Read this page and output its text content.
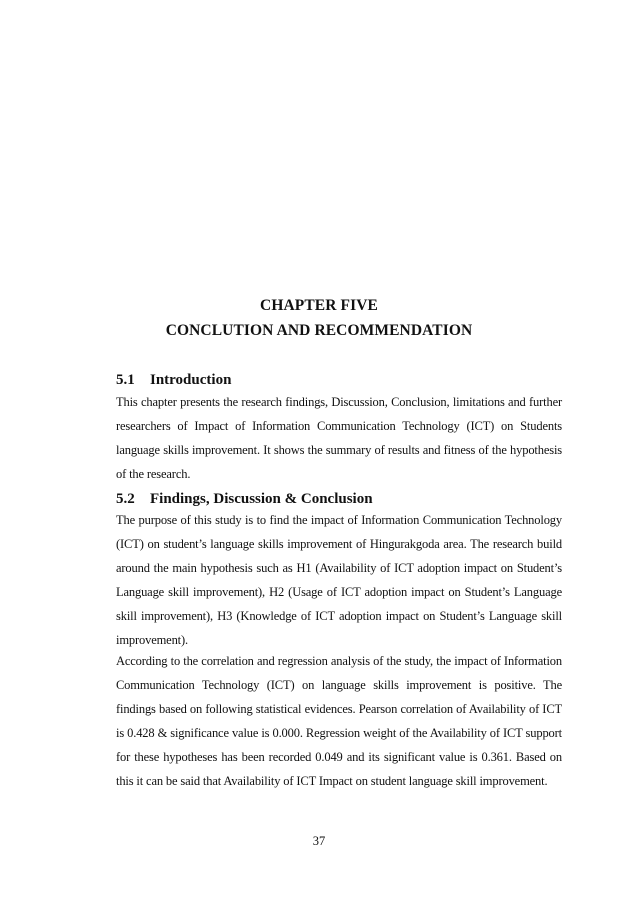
CHAPTER FIVE
CONCLUTION AND RECOMMENDATION
5.1 Introduction

This chapter presents the research findings, Discussion, Conclusion, limitations and further researchers of Impact of Information Communication Technology (ICT) on Students language skills improvement. It shows the summary of results and fitness of the hypothesis of the research.

5.2 Findings, Discussion & Conclusion

The purpose of this study is to find the impact of Information Communication Technology (ICT) on student’s language skills improvement of Hingurakgoda area. The research build around the main hypothesis such as H1 (Availability of ICT adoption impact on Student’s Language skill improvement), H2 (Usage of ICT adoption impact on Student’s Language skill improvement), H3 (Knowledge of ICT adoption impact on Student’s Language skill improvement).

According to the correlation and regression analysis of the study, the impact of Information Communication Technology (ICT) on language skills improvement is positive. The findings based on following statistical evidences. Pearson correlation of Availability of ICT is 0.428 & significance value is 0.000. Regression weight of the Availability of ICT support for these hypotheses has been recorded 0.049 and its significant value is 0.361. Based on this it can be said that Availability of ICT Impact on student language skill improvement.

37
